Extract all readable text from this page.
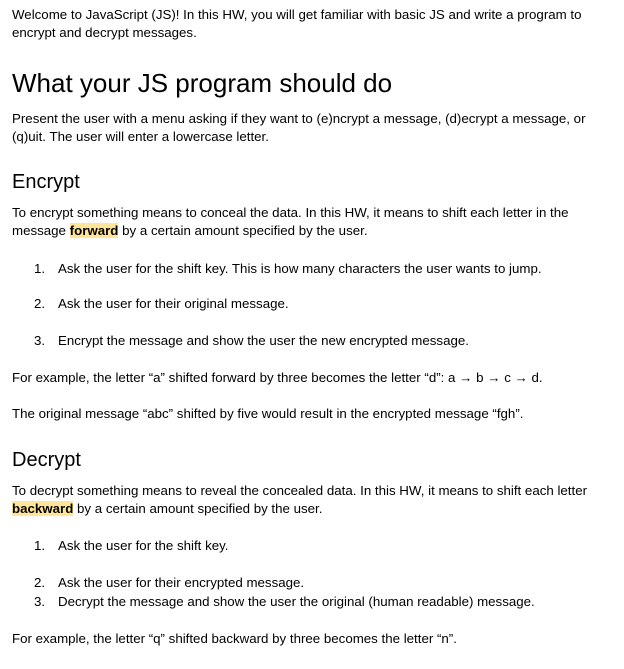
Welcome to JavaScript (JS)! In this HW, you will get familiar with basic JS and write a program to encrypt and decrypt messages.

What your JS program should do

Present the user with a menu asking if they want to (e)ncrypt a message, (d)ecrypt a message, or (q)uit. The user will enter a lowercase letter.

Encrypt

To encrypt something means to conceal the data. In this HW, it means to shift each letter in the message forward by a certain amount specified by the user.

1. Ask the user for the shift key. This is how many characters the user wants to jump.
2. Ask the user for their original message.
3. Encrypt the message and show the user the new encrypted message.

For example, the letter “a” shifted forward by three becomes the letter “d”: a → b → c → d.

The original message “abc” shifted by five would result in the encrypted message “fgh”.

Decrypt

To decrypt something means to reveal the concealed data. In this HW, it means to shift each letter backward by a certain amount specified by the user.

1. Ask the user for the shift key.
2. Ask the user for their encrypted message.
3. Decrypt the message and show the user the original (human readable) message.

For example, the letter “q” shifted backward by three becomes the letter “n”.
